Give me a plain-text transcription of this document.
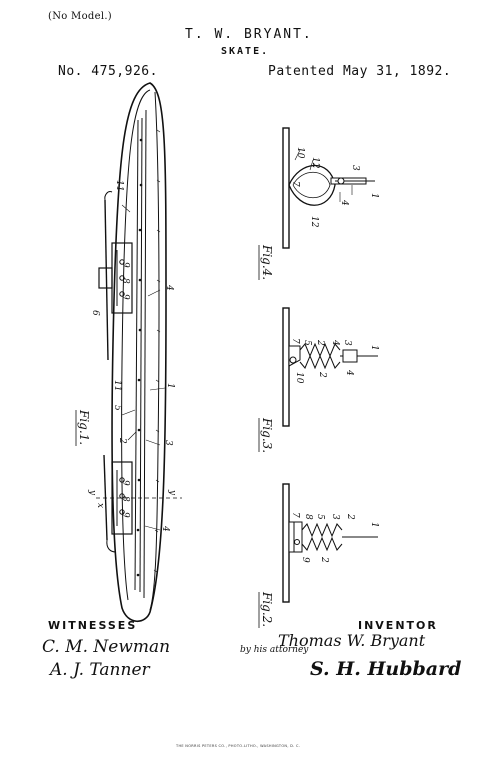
(No Model.)
T. W. BRYANT.
SKATE.
No. 475,926.	Patented May 31, 1892.
11
9
8
9
6
4
1
11
5
2	3
y	y
9
8
9
x
4
Fig.1.
10
12
7
3
4
1
12
Fig.4.
7 5 2 4 3
1
10 2 4
Fig.3.
7 8 5 3 2
1
9 2
Fig.2.
WITNESSES
C. M. Newman
A. J. Tanner
INVENTOR
Thomas W. Bryant
by his attorney
S. H. Hubbard
THE NORRIS PETERS CO., PHOTO-LITHO., WASHINGTON, D. C.
